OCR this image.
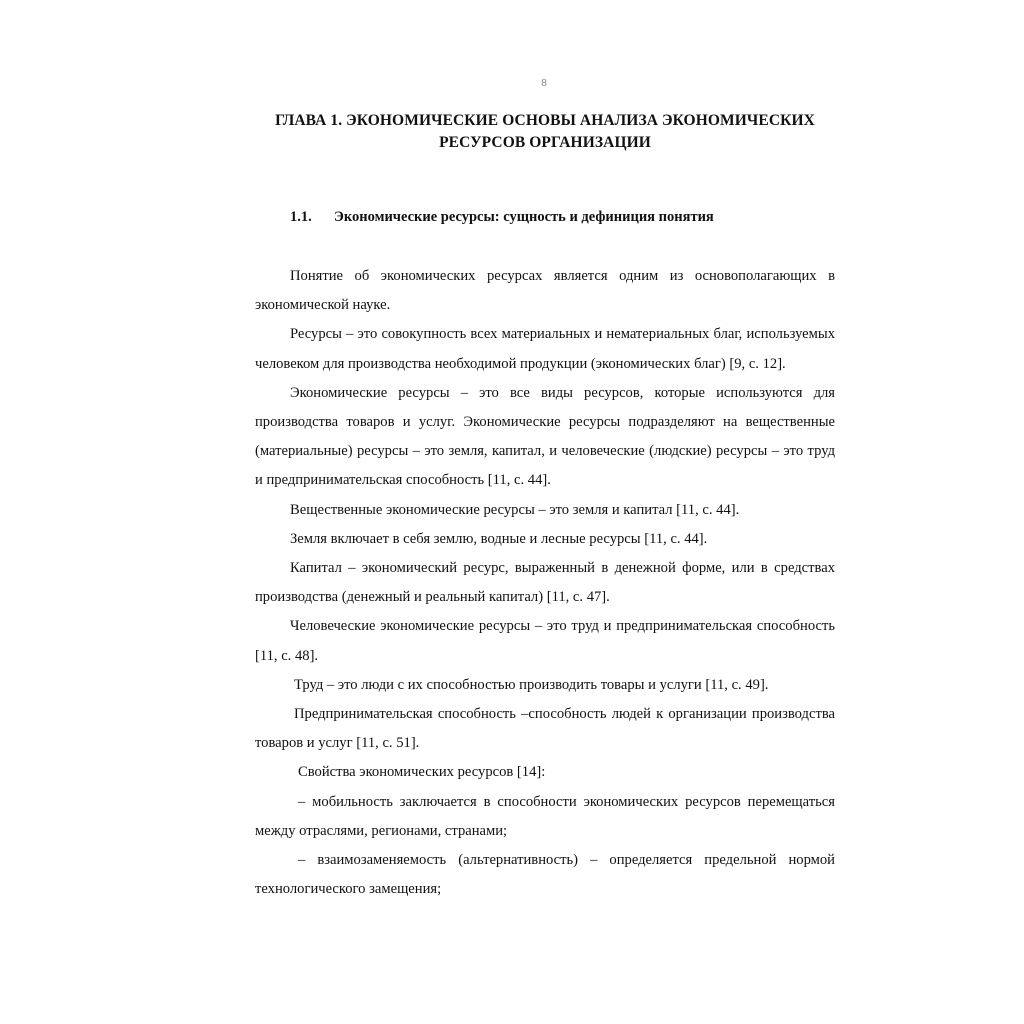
8
ГЛАВА 1. ЭКОНОМИЧЕСКИЕ ОСНОВЫ АНАЛИЗА ЭКОНОМИЧЕСКИХ РЕСУРСОВ ОРГАНИЗАЦИИ
1.1. Экономические ресурсы: сущность и дефиниция понятия

Понятие об экономических ресурсах является одним из основополагающих в экономической науке.

Ресурсы – это совокупность всех материальных и нематериальных благ, используемых человеком для производства необходимой продукции (экономических благ) [9, с. 12].

Экономические ресурсы – это все виды ресурсов, которые используются для производства товаров и услуг. Экономические ресурсы подразделяют на вещественные (материальные) ресурсы – это земля, капитал, и человеческие (людские) ресурсы – это труд и предпринимательская способность [11, с. 44].

Вещественные экономические ресурсы – это земля и капитал [11, с. 44].

Земля включает в себя землю, водные и лесные ресурсы [11, с. 44].

Капитал – экономический ресурс, выраженный в денежной форме, или в средствах производства (денежный и реальный капитал) [11, с. 47].

Человеческие экономические ресурсы – это труд и предпринимательская способность [11, с. 48].

Труд – это люди с их способностью производить товары и услуги [11, с. 49].

Предпринимательская способность –способность людей к организации производства товаров и услуг [11, с. 51].

Свойства экономических ресурсов [14]:

– мобильность заключается в способности экономических ресурсов перемещаться между отраслями, регионами, странами;

– взаимозаменяемость (альтернативность) – определяется предельной нормой технологического замещения;
